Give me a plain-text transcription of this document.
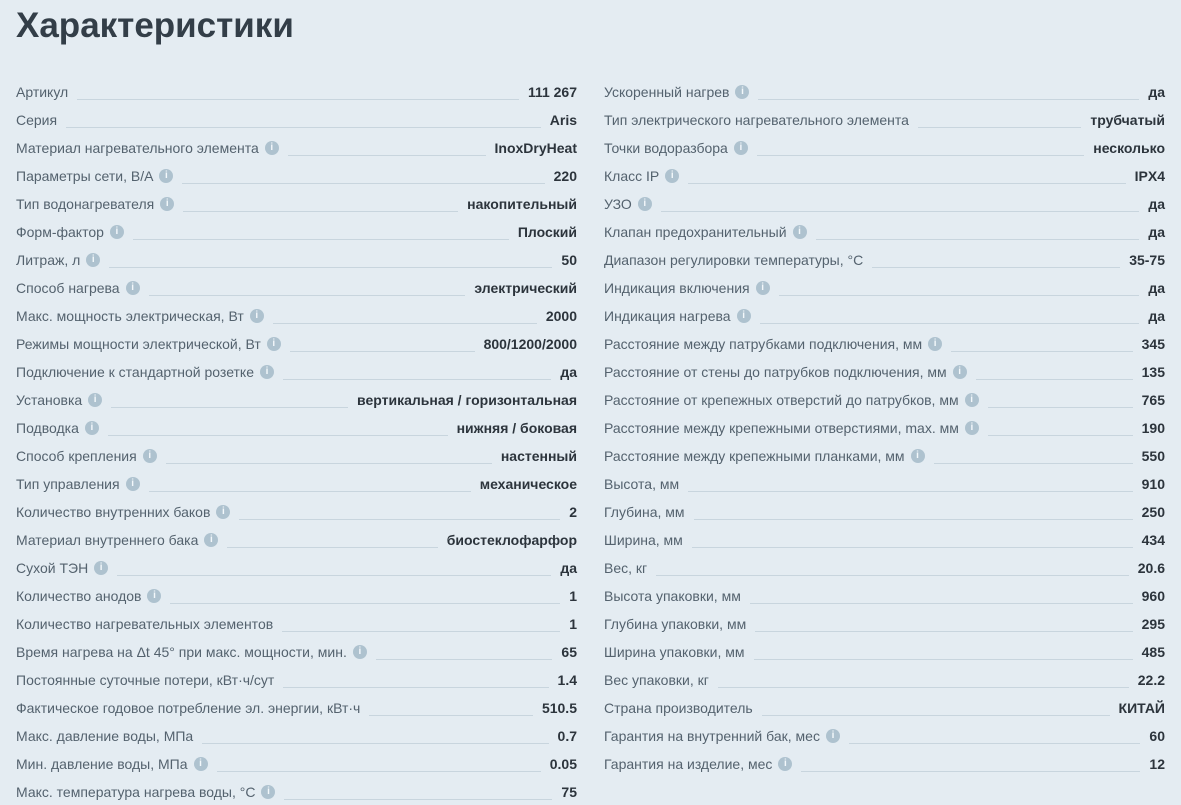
Характеристики
Артикул	111 267
Серия	Aris
Материал нагревательного элемента	i	InoxDryHeat
Параметры сети, В/А	i	220
Тип водонагревателя	i	накопительный
Форм-фактор	i	Плоский
Литраж, л	i	50
Способ нагрева	i	электрический
Макс. мощность электрическая, Вт	i	2000
Режимы мощности электрической, Вт	i	800/1200/2000
Подключение к стандартной розетке	i	да
Установка	i	вертикальная / горизонтальная
Подводка	i	нижняя / боковая
Способ крепления	i	настенный
Тип управления	i	механическое
Количество внутренних баков	i	2
Материал внутреннего бака	i	биостеклофарфор
Сухой ТЭН	i	да
Количество анодов	i	1
Количество нагревательных элементов	1
Время нагрева на Δt 45° при макс. мощности, мин.	i	65
Постоянные суточные потери, кВт·ч/сут	1.4
Фактическое годовое потребление эл. энергии, кВт·ч	510.5
Макс. давление воды, МПа	0.7
Мин. давление воды, МПа	i	0.05
Макс. температура нагрева воды, °C	i	75
Ускоренный нагрев	i	да
Тип электрического нагревательного элемента	трубчатый
Точки водоразбора	i	несколько
Класс IP	i	IPX4
УЗО	i	да
Клапан предохранительный	i	да
Диапазон регулировки температуры, °C	35-75
Индикация включения	i	да
Индикация нагрева	i	да
Расстояние между патрубками подключения, мм	i	345
Расстояние от стены до патрубков подключения, мм	i	135
Расстояние от крепежных отверстий до патрубков, мм	i	765
Расстояние между крепежными отверстиями, max. мм	i	190
Расстояние между крепежными планками, мм	i	550
Высота, мм	910
Глубина, мм	250
Ширина, мм	434
Вес, кг	20.6
Высота упаковки, мм	960
Глубина упаковки, мм	295
Ширина упаковки, мм	485
Вес упаковки, кг	22.2
Страна производитель	КИТАЙ
Гарантия на внутренний бак, мес	i	60
Гарантия на изделие, мес	i	12
